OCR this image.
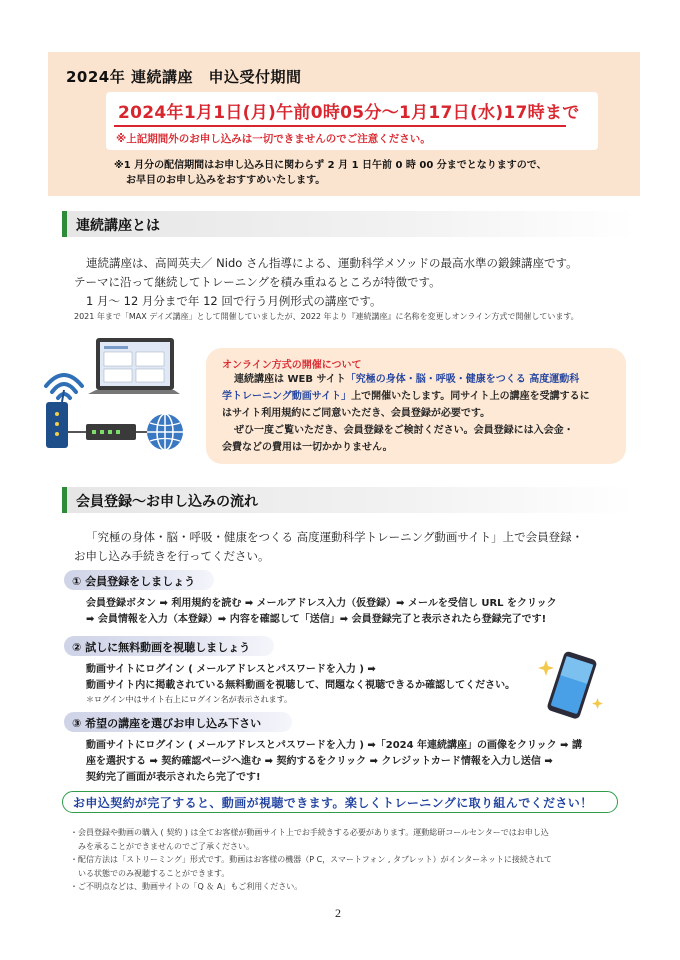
2024年 連続講座　申込受付期間
2024年1月1日(月)午前0時05分～1月17日(水)17時まで
※上記期間外のお申し込みは一切できませんのでご注意ください。

※1 月分の配信期間はお申し込み日に関わらず 2 月 1 日午前 0 時 00 分までとなりますので、

お早目のお申し込みをおすすめいたします。

連続講座とは

連続講座は、高岡英夫／ Nido さん指導による、運動科学メソッドの最高水準の鍛錬講座です。

テーマに沿って継続してトレーニングを積み重ねるところが特徴です。

1 月～ 12 月分まで年 12 回で行う月例形式の講座です。

2021 年まで「MAX デイズ講座」として開催していましたが、2022 年より『連続講座』に名称を変更しオンライン方式で開催しています。
オンライン方式の開催について

連続講座は WEB サイト「究極の身体・脳・呼吸・健康をつくる 高度運動科

学トレーニング動画サイト」上で開催いたします。同サイト上の講座を受講するに

はサイト利用規約にご同意いただき、会員登録が必要です。

ぜひ一度ご覧いただき、会員登録をご検討ください。会員登録には入会金・

会費などの費用は一切かかりません。

会員登録～お申し込みの流れ

「究極の身体・脳・呼吸・健康をつくる 高度運動科学トレーニング動画サイト」上で会員登録・

お申し込み手続きを行ってください。

① 会員登録をしましょう

会員登録ボタン ➡ 利用規約を読む ➡ メールアドレス入力（仮登録）➡ メールを受信し URL をクリック

➡ 会員情報を入力（本登録）➡ 内容を確認して「送信」➡ 会員登録完了と表示されたら登録完了です!

② 試しに無料動画を視聴しましょう

動画サイトにログイン ( メールアドレスとパスワードを入力 ) ➡

動画サイト内に掲載されている無料動画を視聴して、問題なく視聴できるか確認してください。

＊ログイン中はサイト右上にログイン名が表示されます。

③ 希望の講座を選びお申し込み下さい

動画サイトにログイン ( メールアドレスとパスワードを入力 ) ➡「2024 年連続講座」の画像をクリック ➡ 講

座を選択する ➡ 契約確認ページへ進む ➡ 契約するをクリック ➡ クレジットカード情報を入力し送信 ➡

契約完了画面が表示されたら完了です!

お申込契約が完了すると、動画が視聴できます。楽しくトレーニングに取り組んでください！

・会員登録や動画の購入 ( 契約 ) は全てお客様が動画サイト上でお手続きする必要があります。運動総研コールセンターではお申し込

　みを承ることができませんのでご了承ください。

・配信方法は「ストリーミング」形式です。動画はお客様の機器（P C，スマートフォン , タブレット）がインターネットに接続されて

　いる状態でのみ視聴することができます。

・ご不明点などは、動画サイトの「Q ＆ A」もご利用ください。

2
